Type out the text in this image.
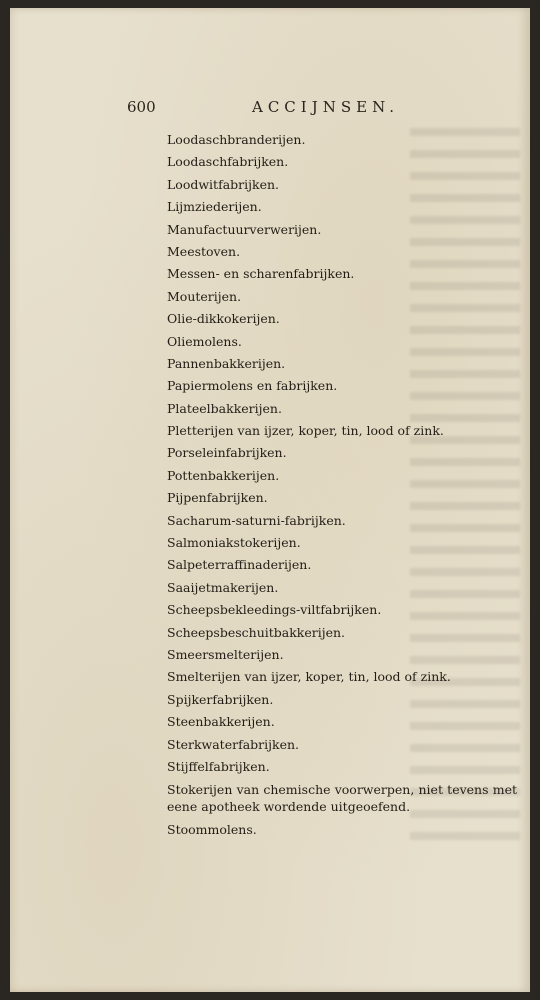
600	ACCIJNSEN.
Loodaschbranderijen.
Loodaschfabrijken.
Loodwitfabrijken.
Lijmziederijen.
Manufactuurverwerijen.
Meestoven.
Messen- en scharenfabrijken.
Mouterijen.
Olie-dikkokerijen.
Oliemolens.
Pannenbakkerijen.
Papiermolens en fabrijken.
Plateelbakkerijen.
Pletterijen van ijzer, koper, tin, lood of zink.
Porseleinfabrijken.
Pottenbakkerijen.
Pijpenfabrijken.
Sacharum-saturni-fabrijken.
Salmoniakstokerijen.
Salpeterraffinaderijen.
Saaijetmakerijen.
Scheepsbekleedings-viltfabrijken.
Scheepsbeschuitbakkerijen.
Smeersmelterijen.
Smelterijen van ijzer, koper, tin, lood of zink.
Spijkerfabrijken.
Steenbakkerijen.
Sterkwaterfabrijken.
Stijffelfabrijken.
Stokerijen van chemische voorwerpen, niet tevens met eene apotheek wordende uitgeoefend.
Stoommolens.
